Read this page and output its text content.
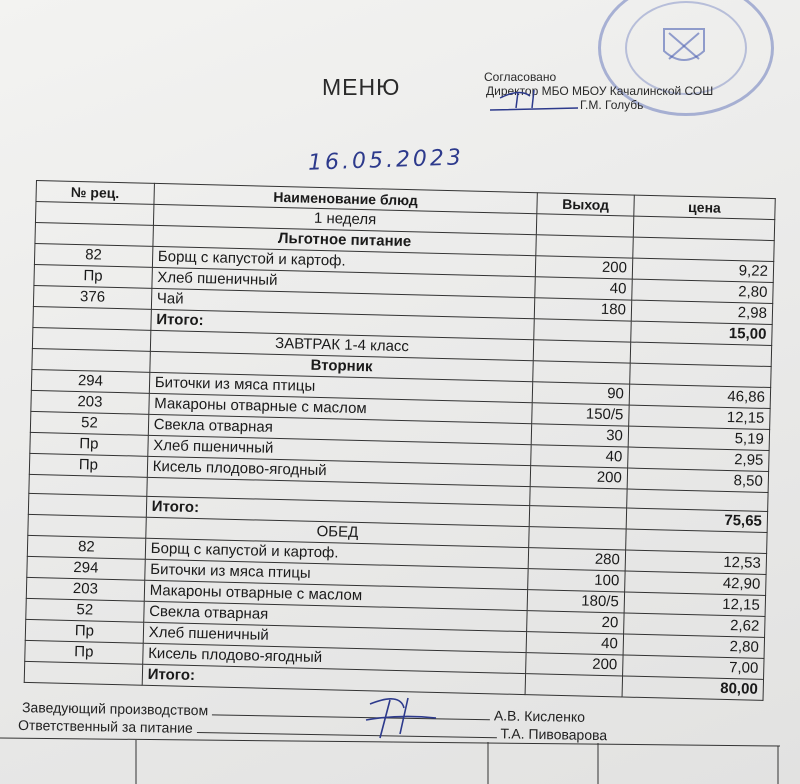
МЕНЮ	Согласовано
Директор МБО МБОУ Качалинской СОШ
Г.М. Голубь
16.05.2023
№ рец.	Наименование блюд	Выход	цена
	1 неделя		
	Льготное питание		
82	Борщ с капустой и картоф.	200	9,22
Пр	Хлеб пшеничный	40	2,80
376	Чай	180	2,98
	Итого:		15,00
	ЗАВТРАК 1-4 класс		
	Вторник		
294	Биточки из мяса птицы	90	46,86
203	Макароны отварные с маслом	150/5	12,15
52	Свекла отварная	30	5,19
Пр	Хлеб пшеничный	40	2,95
Пр	Кисель плодово-ягодный	200	8,50

	Итого:		75,65
	ОБЕД		
82	Борщ с капустой и картоф.	280	12,53
294	Биточки из мяса птицы	100	42,90
203	Макароны отварные с маслом	180/5	12,15
52	Свекла отварная	20	2,62
Пр	Хлеб пшеничный	40	2,80
Пр	Кисель плодово-ягодный	200	7,00
	Итого:		80,00
Заведующий производством	А.В. Кисленко
Ответственный за питание	Т.А. Пивоварова
